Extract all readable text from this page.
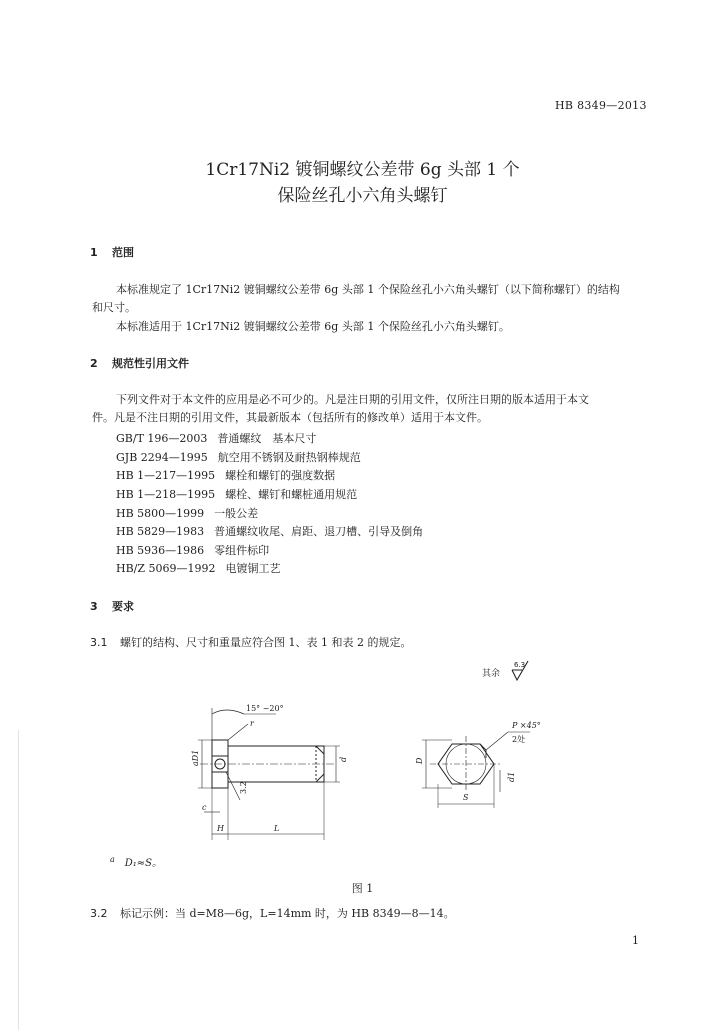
HB 8349—2013
1Cr17Ni2 镀铜螺纹公差带 6g 头部 1 个
保险丝孔小六角头螺钉
1 范围
本标准规定了 1Cr17Ni2 镀铜螺纹公差带 6g 头部 1 个保险丝孔小六角头螺钉（以下简称螺钉）的结构
和尺寸。
本标准适用于 1Cr17Ni2 镀铜螺纹公差带 6g 头部 1 个保险丝孔小六角头螺钉。
2 规范性引用文件
下列文件对于本文件的应用是必不可少的。凡是注日期的引用文件，仅所注日期的版本适用于本文
件。凡是不注日期的引用文件，其最新版本（包括所有的修改单）适用于本文件。
GB/T 196—2003 普通螺纹　基本尺寸
GJB 2294—1995 航空用不锈钢及耐热钢棒规范
HB 1—217—1995 螺栓和螺钉的强度数据
HB 1—218—1995 螺栓、螺钉和螺桩通用规范
HB 5800—1999 一般公差
HB 5829—1983 普通螺纹收尾、肩距、退刀槽、引导及倒角
HB 5936—1986 零组件标印
HB/Z 5069—1992 电镀铜工艺
3 要求
3.1 螺钉的结构、尺寸和重量应符合图 1、表 1 和表 2 的规定。
其余
6.3
15° ~20°
r
aD1	d
3.2
c
H	L
P ×45°
2处
D
d1
S
$^a$ D₁≈S。
图 1
3.2 标记示例：当 d=M8—6g，L=14mm 时，为 HB 8349—8—14。
1
